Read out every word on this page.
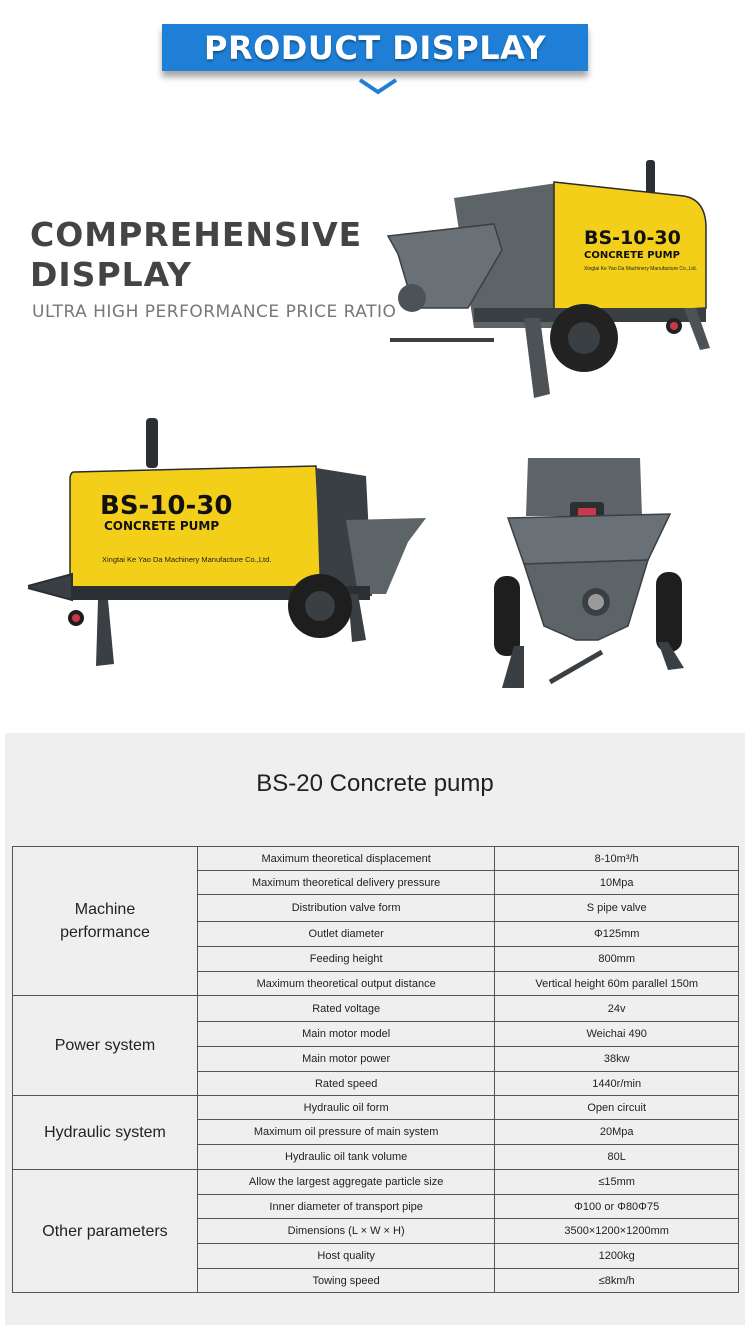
PRODUCT DISPLAY
COMPREHENSIVE
DISPLAY
ULTRA HIGH PERFORMANCE PRICE RATIO
BS-10-30
CONCRETE PUMP
Xingtai Ke Yao Da Machinery Manufacture Co.,Ltd.
BS-10-30
CONCRETE PUMP
Xingtai Ke Yao Da Machinery Manufacture Co.,Ltd.
BS-20 Concrete pump
Machine performance	Maximum theoretical displacement	8-10m³/h
	Maximum theoretical delivery pressure	10Mpa
	Distribution valve form	S pipe valve
	Outlet diameter	Φ125mm
	Feeding height	800mm
	Maximum theoretical output distance	Vertical height 60m parallel 150m
Power system	Rated voltage	24v
	Main motor model	Weichai 490
	Main motor power	38kw
	Rated speed	1440r/min
Hydraulic system	Hydraulic oil form	Open circuit
	Maximum oil pressure of main system	20Mpa
	Hydraulic oil tank volume	80L
Other parameters	Allow the largest aggregate particle size	≤15mm
	Inner diameter of transport pipe	Φ100 or Φ80Φ75
	Dimensions (L × W × H)	3500×1200×1200mm
	Host quality	1200kg
	Towing speed	≤8km/h
